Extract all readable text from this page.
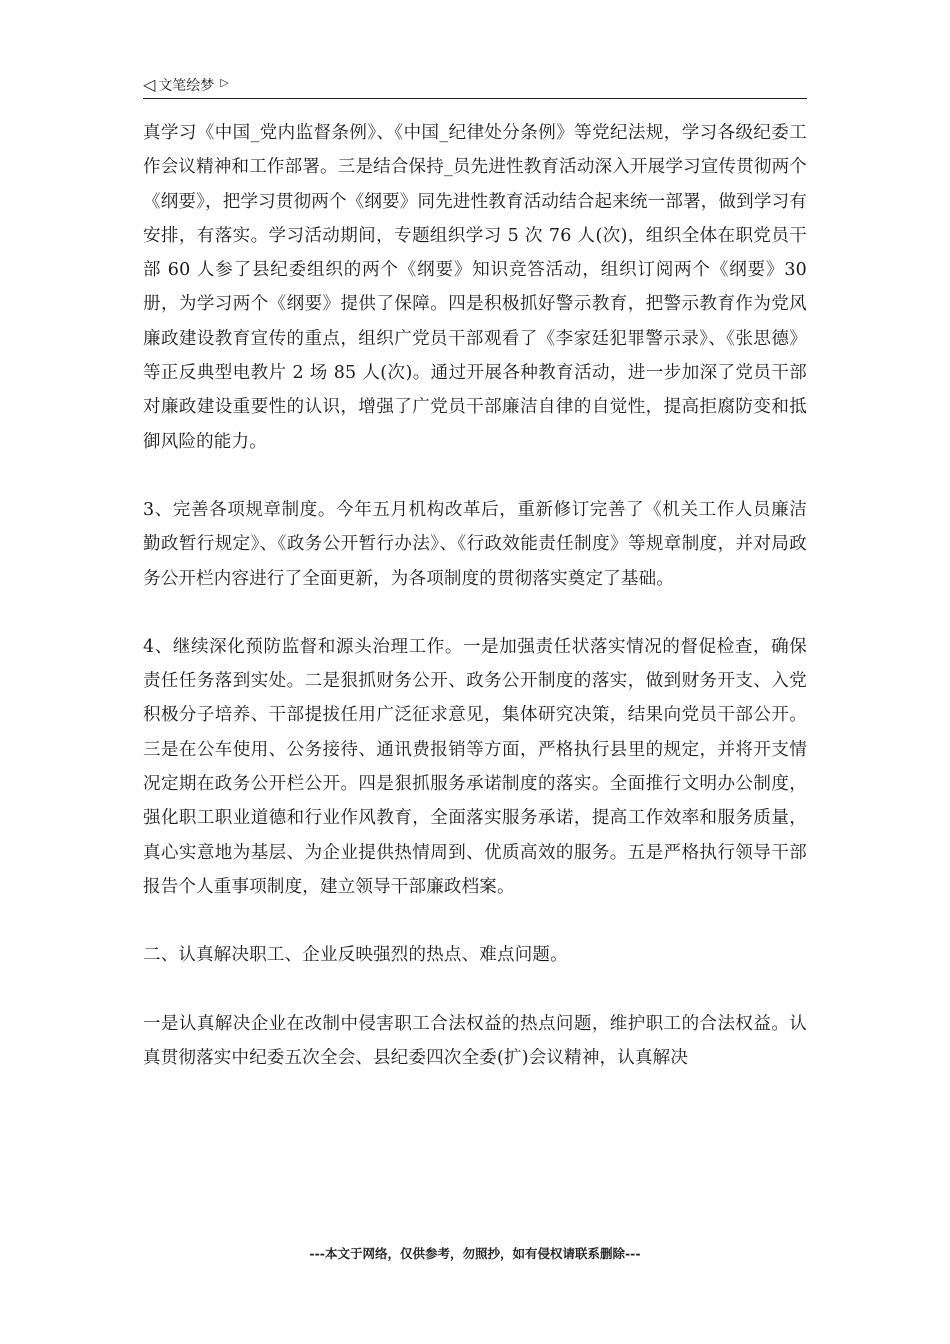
◁ 文笔绘梦 ▷

真学习《中国_党内监督条例》、《中国_纪律处分条例》等党纪法规，学习各级纪委工作会议精神和工作部署。三是结合保持_员先进性教育活动深入开展学习宣传贯彻两个《纲要》，把学习贯彻两个《纲要》同先进性教育活动结合起来统一部署，做到学习有安排，有落实。学习活动期间，专题组织学习 5 次 76 人(次)，组织全体在职党员干部 60 人参了县纪委组织的两个《纲要》知识竞答活动，组织订阅两个《纲要》30 册，为学习两个《纲要》提供了保障。四是积极抓好警示教育，把警示教育作为党风廉政建设教育宣传的重点，组织广党员干部观看了《李家廷犯罪警示录》、《张思德》等正反典型电教片 2 场 85 人(次)。通过开展各种教育活动，进一步加深了党员干部对廉政建设重要性的认识，增强了广党员干部廉洁自律的自觉性，提高拒腐防变和抵御风险的能力。

3、完善各项规章制度。今年五月机构改革后，重新修订完善了《机关工作人员廉洁勤政暂行规定》、《政务公开暂行办法》、《行政效能责任制度》等规章制度，并对局政务公开栏内容进行了全面更新，为各项制度的贯彻落实奠定了基础。

4、继续深化预防监督和源头治理工作。一是加强责任状落实情况的督促检查，确保责任任务落到实处。二是狠抓财务公开、政务公开制度的落实，做到财务开支、入党积极分子培养、干部提拔任用广泛征求意见，集体研究决策，结果向党员干部公开。三是在公车使用、公务接待、通讯费报销等方面，严格执行县里的规定，并将开支情况定期在政务公开栏公开。四是狠抓服务承诺制度的落实。全面推行文明办公制度，强化职工职业道德和行业作风教育，全面落实服务承诺，提高工作效率和服务质量，真心实意地为基层、为企业提供热情周到、优质高效的服务。五是严格执行领导干部报告个人重事项制度，建立领导干部廉政档案。

二、认真解决职工、企业反映强烈的热点、难点问题。

一是认真解决企业在改制中侵害职工合法权益的热点问题，维护职工的合法权益。认真贯彻落实中纪委五次全会、县纪委四次全委(扩)会议精神，认真解决

---本文于网络，仅供参考，勿照抄，如有侵权请联系删除---
